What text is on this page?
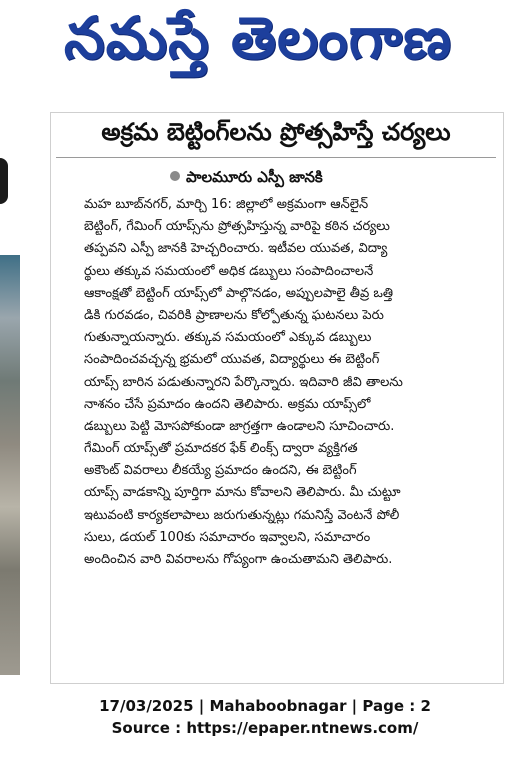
నమస్తే తెలంగాణ
అక్రమ బెట్టింగ్‌లను ప్రోత్సహిస్తే చర్యలు
పాలమూరు ఎస్పీ జానకి
మహ బూబ్‌నగర్‌, మార్చి 16: జిల్లాలో అక్రమంగా ఆన్‌లైన్‌
బెట్టింగ్‌, గేమింగ్‌ యాప్స్‌ను ప్రోత్సహిస్తున్న వారిపై కఠిన చర్యలు
తప్పవని ఎస్పీ జానకి హెచ్చరించారు. ఇటీవల యువత, విద్యా
ర్థులు తక్కువ సమయంలో అధిక డబ్బులు సంపాదించాలనే
ఆకాంక్షతో బెట్టింగ్‌ యాప్స్‌లో పాల్గొనడం, అప్పులపాలై తీవ్ర ఒత్తి
డికి గురవడం, చివరికి ప్రాణాలను కోల్పోతున్న ఘటనలు పెరు
గుతున్నాయన్నారు. తక్కువ సమయంలో ఎక్కువ డబ్బులు
సంపాదించవచ్చన్న భ్రమలో యువత, విద్యార్థులు ఈ బెట్టింగ్‌
యాప్స్‌ బారిన పడుతున్నారని పేర్కొన్నారు. ఇదివారి జీవి తాలను
నాశనం చేసే ప్రమాదం ఉందని తెలిపారు. అక్రమ యాప్స్‌లో
డబ్బులు పెట్టి మోసపోకుండా జాగ్రత్తగా ఉండాలని సూచించారు.
గేమింగ్‌ యాప్స్‌తో ప్రమాదకర ఫేక్‌ లింక్స్‌ ద్వారా వ్యక్తిగత
అకౌంట్‌ వివరాలు లీకయ్యే ప్రమాదం ఉందని, ఈ బెట్టింగ్‌
యాప్స్‌ వాడకాన్ని పూర్తిగా మాను కోవాలని తెలిపారు. మీ చుట్టూ
ఇటువంటి కార్యకలాపాలు జరుగుతున్నట్లు గమనిస్తే వెంటనే పోలీ
సులు, డయల్‌ 100కు సమాచారం ఇవ్వాలని, సమాచారం
అందించిన వారి వివరాలను గోప్యంగా ఉంచుతామని తెలిపారు.
17/03/2025 | Mahaboobnagar | Page : 2
Source : https://epaper.ntnews.com/
